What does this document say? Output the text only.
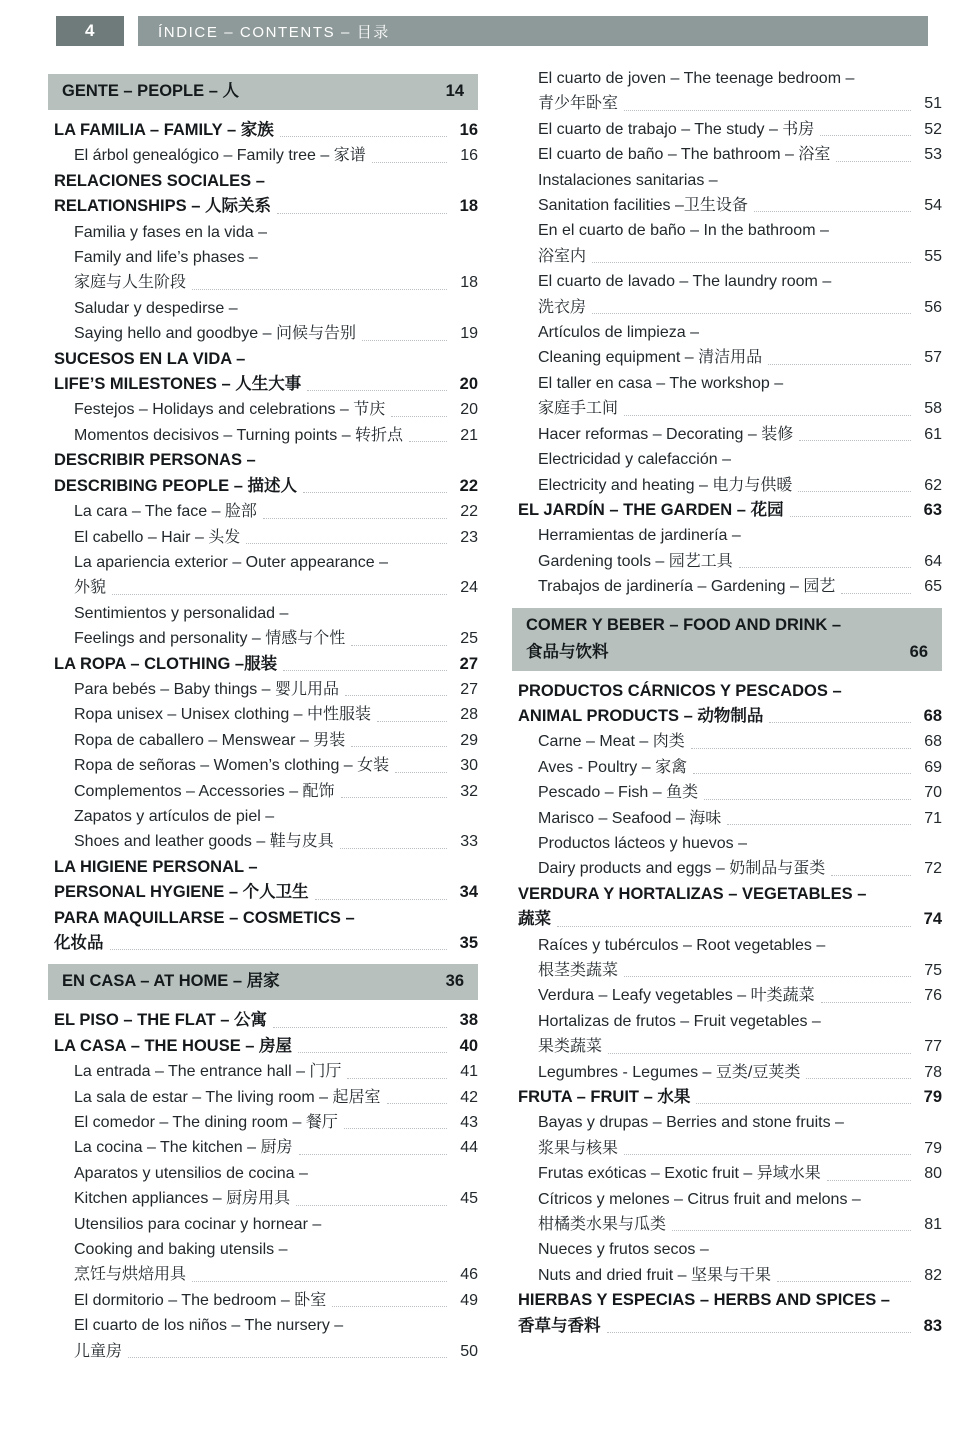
4	ÍNDICE – CONTENTS – 目录
GENTE – PEOPLE – 人	14
LA FAMILIA – FAMILY – 家族	16
El árbol genealógico – Family tree – 家谱	16
RELACIONES SOCIALES –
RELATIONSHIPS – 人际关系	18
Familia y fases en la vida –
Family and life’s phases –
家庭与人生阶段	18
Saludar y despedirse –
Saying hello and goodbye – 问候与告别	19
SUCESOS EN LA VIDA –
LIFE’S MILESTONES – 人生大事	20
Festejos – Holidays and celebrations – 节庆	20
Momentos decisivos – Turning points – 转折点	21
DESCRIBIR PERSONAS –
DESCRIBING PEOPLE – 描述人	22
La cara – The face – 脸部	22
El cabello – Hair – 头发	23
La apariencia exterior – Outer appearance –
外貌	24
Sentimientos y personalidad –
Feelings and personality – 情感与个性	25
LA ROPA – CLOTHING –服装	27
Para bebés – Baby things – 婴儿用品	27
Ropa unisex – Unisex clothing – 中性服装	28
Ropa de caballero – Menswear – 男装	29
Ropa de señoras – Women’s clothing – 女装	30
Complementos – Accessories – 配饰	32
Zapatos y artículos de piel –
Shoes and leather goods – 鞋与皮具	33
LA HIGIENE PERSONAL –
PERSONAL HYGIENE – 个人卫生	34
PARA MAQUILLARSE – COSMETICS –
化妆品	35
EN CASA – AT HOME – 居家	36
EL PISO – THE FLAT – 公寓	38
LA CASA – THE HOUSE – 房屋	40
La entrada – The entrance hall – 门厅	41
La sala de estar – The living room – 起居室	42
El comedor – The dining room – 餐厅	43
La cocina – The kitchen – 厨房	44
Aparatos y utensilios de cocina –
Kitchen appliances – 厨房用具	45
Utensilios para cocinar y hornear –
Cooking and baking utensils –
烹饪与烘焙用具	46
El dormitorio – The bedroom – 卧室	49
El cuarto de los niños – The nursery –
儿童房	50
El cuarto de joven – The teenage bedroom –
青少年卧室	51
El cuarto de trabajo – The study – 书房	52
El cuarto de baño – The bathroom – 浴室	53
Instalaciones sanitarias –
Sanitation facilities –卫生设备	54
En el cuarto de baño – In the bathroom –
浴室内	55
El cuarto de lavado – The laundry room –
洗衣房	56
Artículos de limpieza –
Cleaning equipment – 清洁用品	57
El taller en casa – The workshop –
家庭手工间	58
Hacer reformas – Decorating – 装修	61
Electricidad y calefacción –
Electricity and heating – 电力与供暖	62
EL JARDÍN – THE GARDEN – 花园	63
Herramientas de jardinería –
Gardening tools – 园艺工具	64
Trabajos de jardinería – Gardening – 园艺	65
COMER Y BEBER – FOOD AND DRINK –
食品与饮料	66
PRODUCTOS CÁRNICOS Y PESCADOS –
ANIMAL PRODUCTS – 动物制品	68
Carne – Meat – 肉类	68
Aves - Poultry – 家禽	69
Pescado – Fish – 鱼类	70
Marisco – Seafood – 海味	71
Productos lácteos y huevos –
Dairy products and eggs – 奶制品与蛋类	72
VERDURA Y HORTALIZAS – VEGETABLES –
蔬菜	74
Raíces y tubérculos – Root vegetables –
根茎类蔬菜	75
Verdura – Leafy vegetables – 叶类蔬菜	76
Hortalizas de frutos – Fruit vegetables –
果类蔬菜	77
Legumbres - Legumes – 豆类/豆荚类	78
FRUTA – FRUIT – 水果	79
Bayas y drupas – Berries and stone fruits –
浆果与核果	79
Frutas exóticas – Exotic fruit – 异域水果	80
Cítricos y melones – Citrus fruit and melons –
柑橘类水果与瓜类	81
Nueces y frutos secos –
Nuts and dried fruit – 坚果与干果	82
HIERBAS Y ESPECIAS – HERBS AND SPICES –
香草与香料	83
